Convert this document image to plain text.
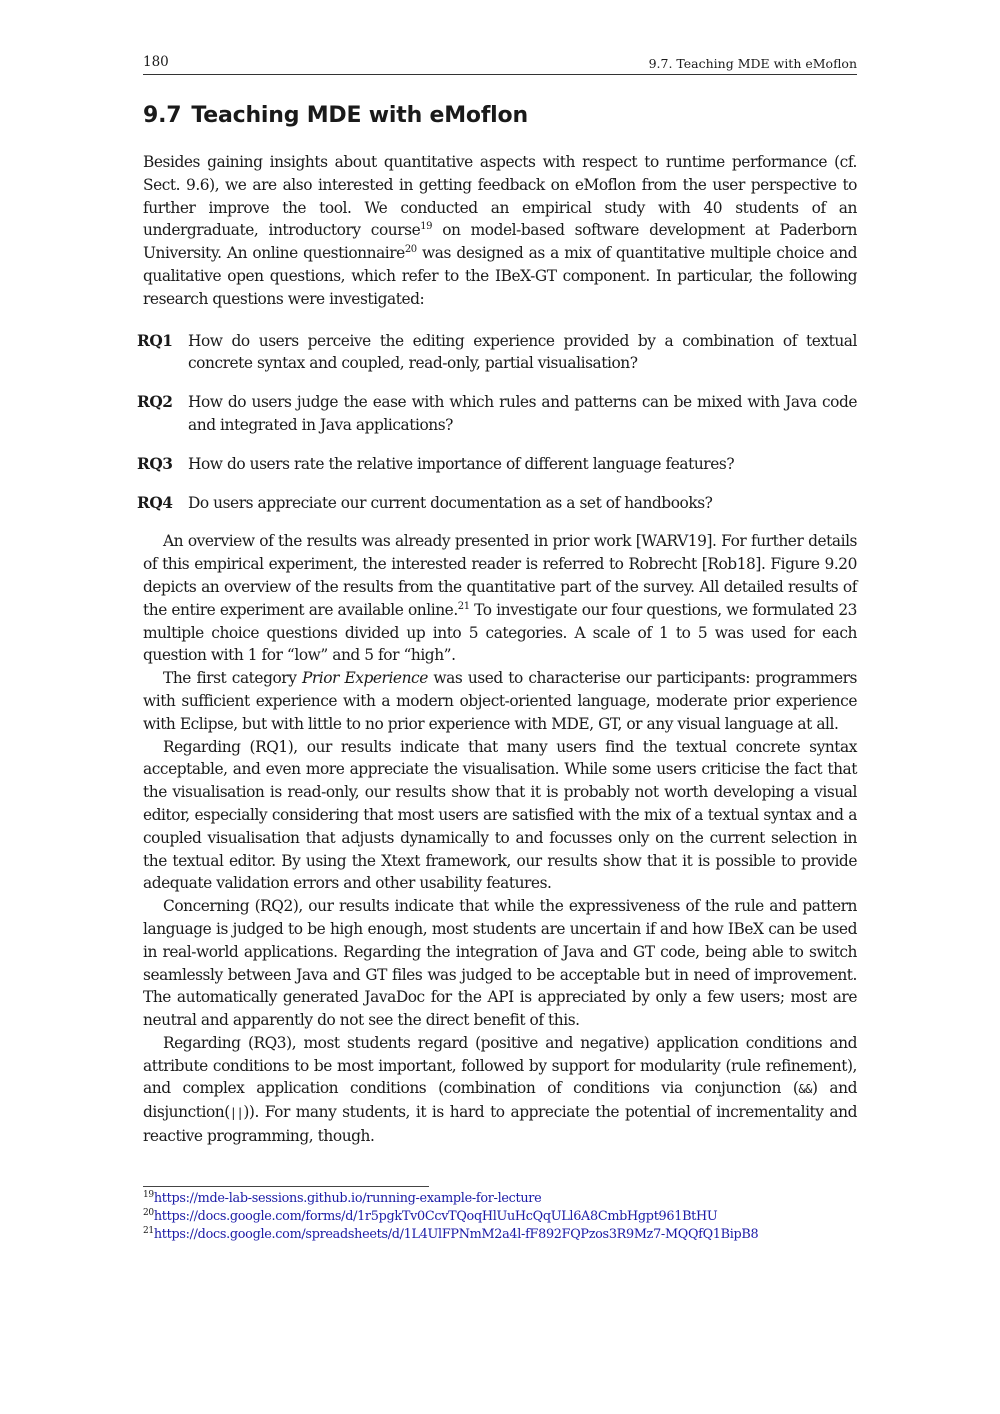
180	9.7. Teaching MDE with eMoflon
9.7 Teaching MDE with eMoflon

Besides gaining insights about quantitative aspects with respect to runtime performance (cf. Sect. 9.6), we are also interested in getting feedback on eMoflon from the user perspective to further improve the tool. We conducted an empirical study with 40 students of an undergraduate, introductory course$^{19}$ on model-based software development at Paderborn University. An online questionnaire$^{20}$ was designed as a mix of quantitative multiple choice and qualitative open questions, which refer to the IBeX-GT component. In particular, the following research questions were investigated:

RQ1	How do users perceive the editing experience provided by a combination of textual concrete syntax and coupled, read-only, partial visualisation?
RQ2	How do users judge the ease with which rules and patterns can be mixed with Java code and integrated in Java applications?
RQ3	How do users rate the relative importance of different language features?
RQ4	Do users appreciate our current documentation as a set of handbooks?

An overview of the results was already presented in prior work [WARV19]. For further details of this empirical experiment, the interested reader is referred to Robrecht [Rob18]. Figure 9.20 depicts an overview of the results from the quantitative part of the survey. All detailed results of the entire experiment are available online.$^{21}$ To investigate our four questions, we formulated 23 multiple choice questions divided up into 5 categories. A scale of 1 to 5 was used for each question with 1 for “low” and 5 for “high”.

The first category Prior Experience was used to characterise our participants: programmers with sufficient experience with a modern object-oriented language, moderate prior experience with Eclipse, but with little to no prior experience with MDE, GT, or any visual language at all.

Regarding (RQ1), our results indicate that many users find the textual concrete syntax acceptable, and even more appreciate the visualisation. While some users criticise the fact that the visualisation is read-only, our results show that it is probably not worth developing a visual editor, especially considering that most users are satisfied with the mix of a textual syntax and a coupled visualisation that adjusts dynamically to and focusses only on the current selection in the textual editor. By using the Xtext framework, our results show that it is possible to provide adequate validation errors and other usability features.

Concerning (RQ2), our results indicate that while the expressiveness of the rule and pattern language is judged to be high enough, most students are uncertain if and how IBeX can be used in real-world applications. Regarding the integration of Java and GT code, being able to switch seamlessly between Java and GT files was judged to be acceptable but in need of improvement. The automatically generated JavaDoc for the API is appreciated by only a few users; most are neutral and apparently do not see the direct benefit of this.

Regarding (RQ3), most students regard (positive and negative) application conditions and attribute conditions to be most important, followed by support for modularity (rule refinement), and complex application conditions (combination of conditions via conjunction (&&) and disjunction(||)). For many students, it is hard to appreciate the potential of incrementality and reactive programming, though.

$^{19}$https://mde-lab-sessions.github.io/running-example-for-lecture
$^{20}$https://docs.google.com/forms/d/1r5pgkTv0CcvTQoqHlUuHcQqULl6A8CmbHgpt961BtHU
$^{21}$https://docs.google.com/spreadsheets/d/1L4UlFPNmM2a4l-fF892FQPzos3R9Mz7-MQQfQ1BipB8
